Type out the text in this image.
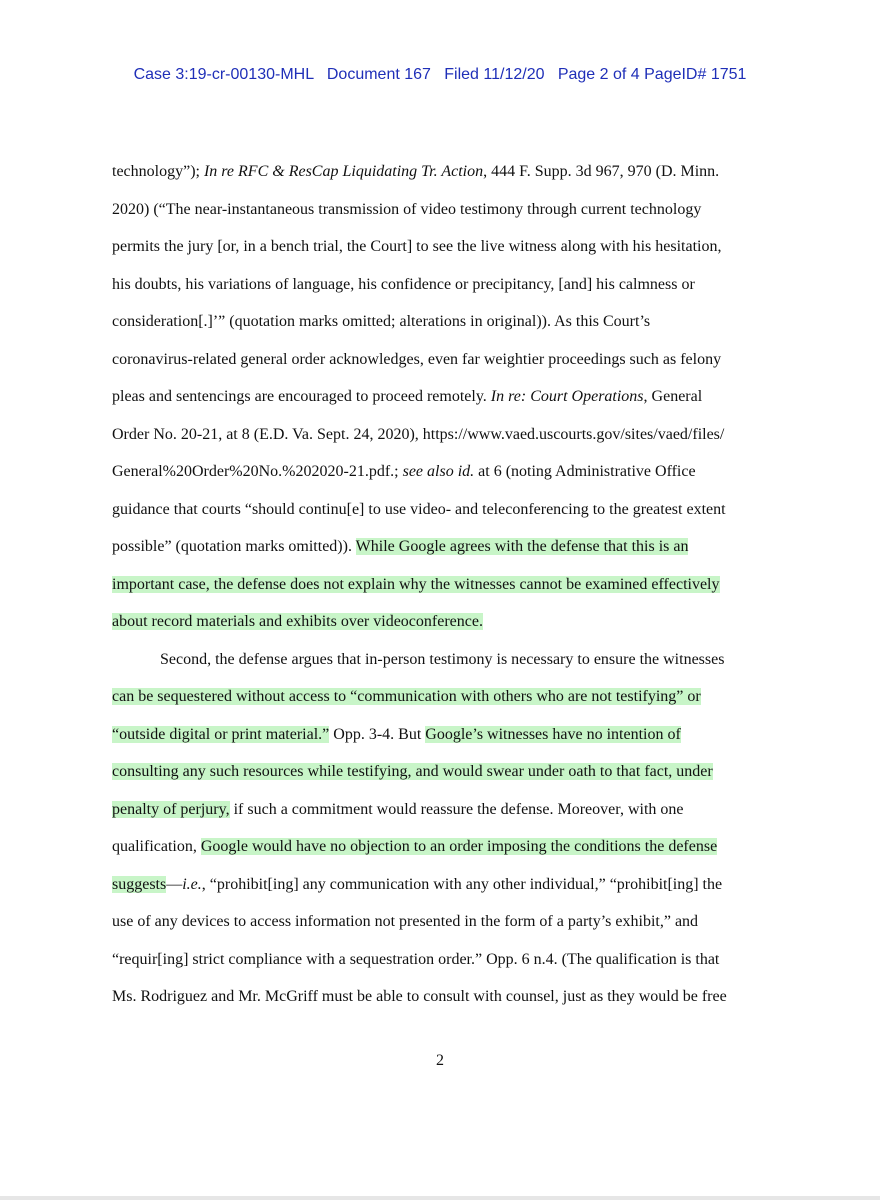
Case 3:19-cr-00130-MHL Document 167 Filed 11/12/20 Page 2 of 4 PageID# 1751
technology”); In re RFC & ResCap Liquidating Tr. Action, 444 F. Supp. 3d 967, 970 (D. Minn.
2020) (“The near-instantaneous transmission of video testimony through current technology
permits the jury [or, in a bench trial, the Court] to see the live witness along with his hesitation,
his doubts, his variations of language, his confidence or precipitancy, [and] his calmness or
consideration[.]’” (quotation marks omitted; alterations in original)). As this Court’s
coronavirus-related general order acknowledges, even far weightier proceedings such as felony
pleas and sentencings are encouraged to proceed remotely. In re: Court Operations, General
Order No. 20-21, at 8 (E.D. Va. Sept. 24, 2020), https://www.vaed.uscourts.gov/sites/vaed/files/
General%20Order%20No.%202020-21.pdf.; see also id. at 6 (noting Administrative Office
guidance that courts “should continu[e] to use video- and teleconferencing to the greatest extent
possible” (quotation marks omitted)). While Google agrees with the defense that this is an
important case, the defense does not explain why the witnesses cannot be examined effectively
about record materials and exhibits over videoconference.
Second, the defense argues that in-person testimony is necessary to ensure the witnesses
can be sequestered without access to “communication with others who are not testifying” or
“outside digital or print material.” Opp. 3-4. But Google’s witnesses have no intention of
consulting any such resources while testifying, and would swear under oath to that fact, under
penalty of perjury, if such a commitment would reassure the defense. Moreover, with one
qualification, Google would have no objection to an order imposing the conditions the defense
suggests—i.e., “prohibit[ing] any communication with any other individual,” “prohibit[ing] the
use of any devices to access information not presented in the form of a party’s exhibit,” and
“requir[ing] strict compliance with a sequestration order.” Opp. 6 n.4. (The qualification is that
Ms. Rodriguez and Mr. McGriff must be able to consult with counsel, just as they would be free
2
